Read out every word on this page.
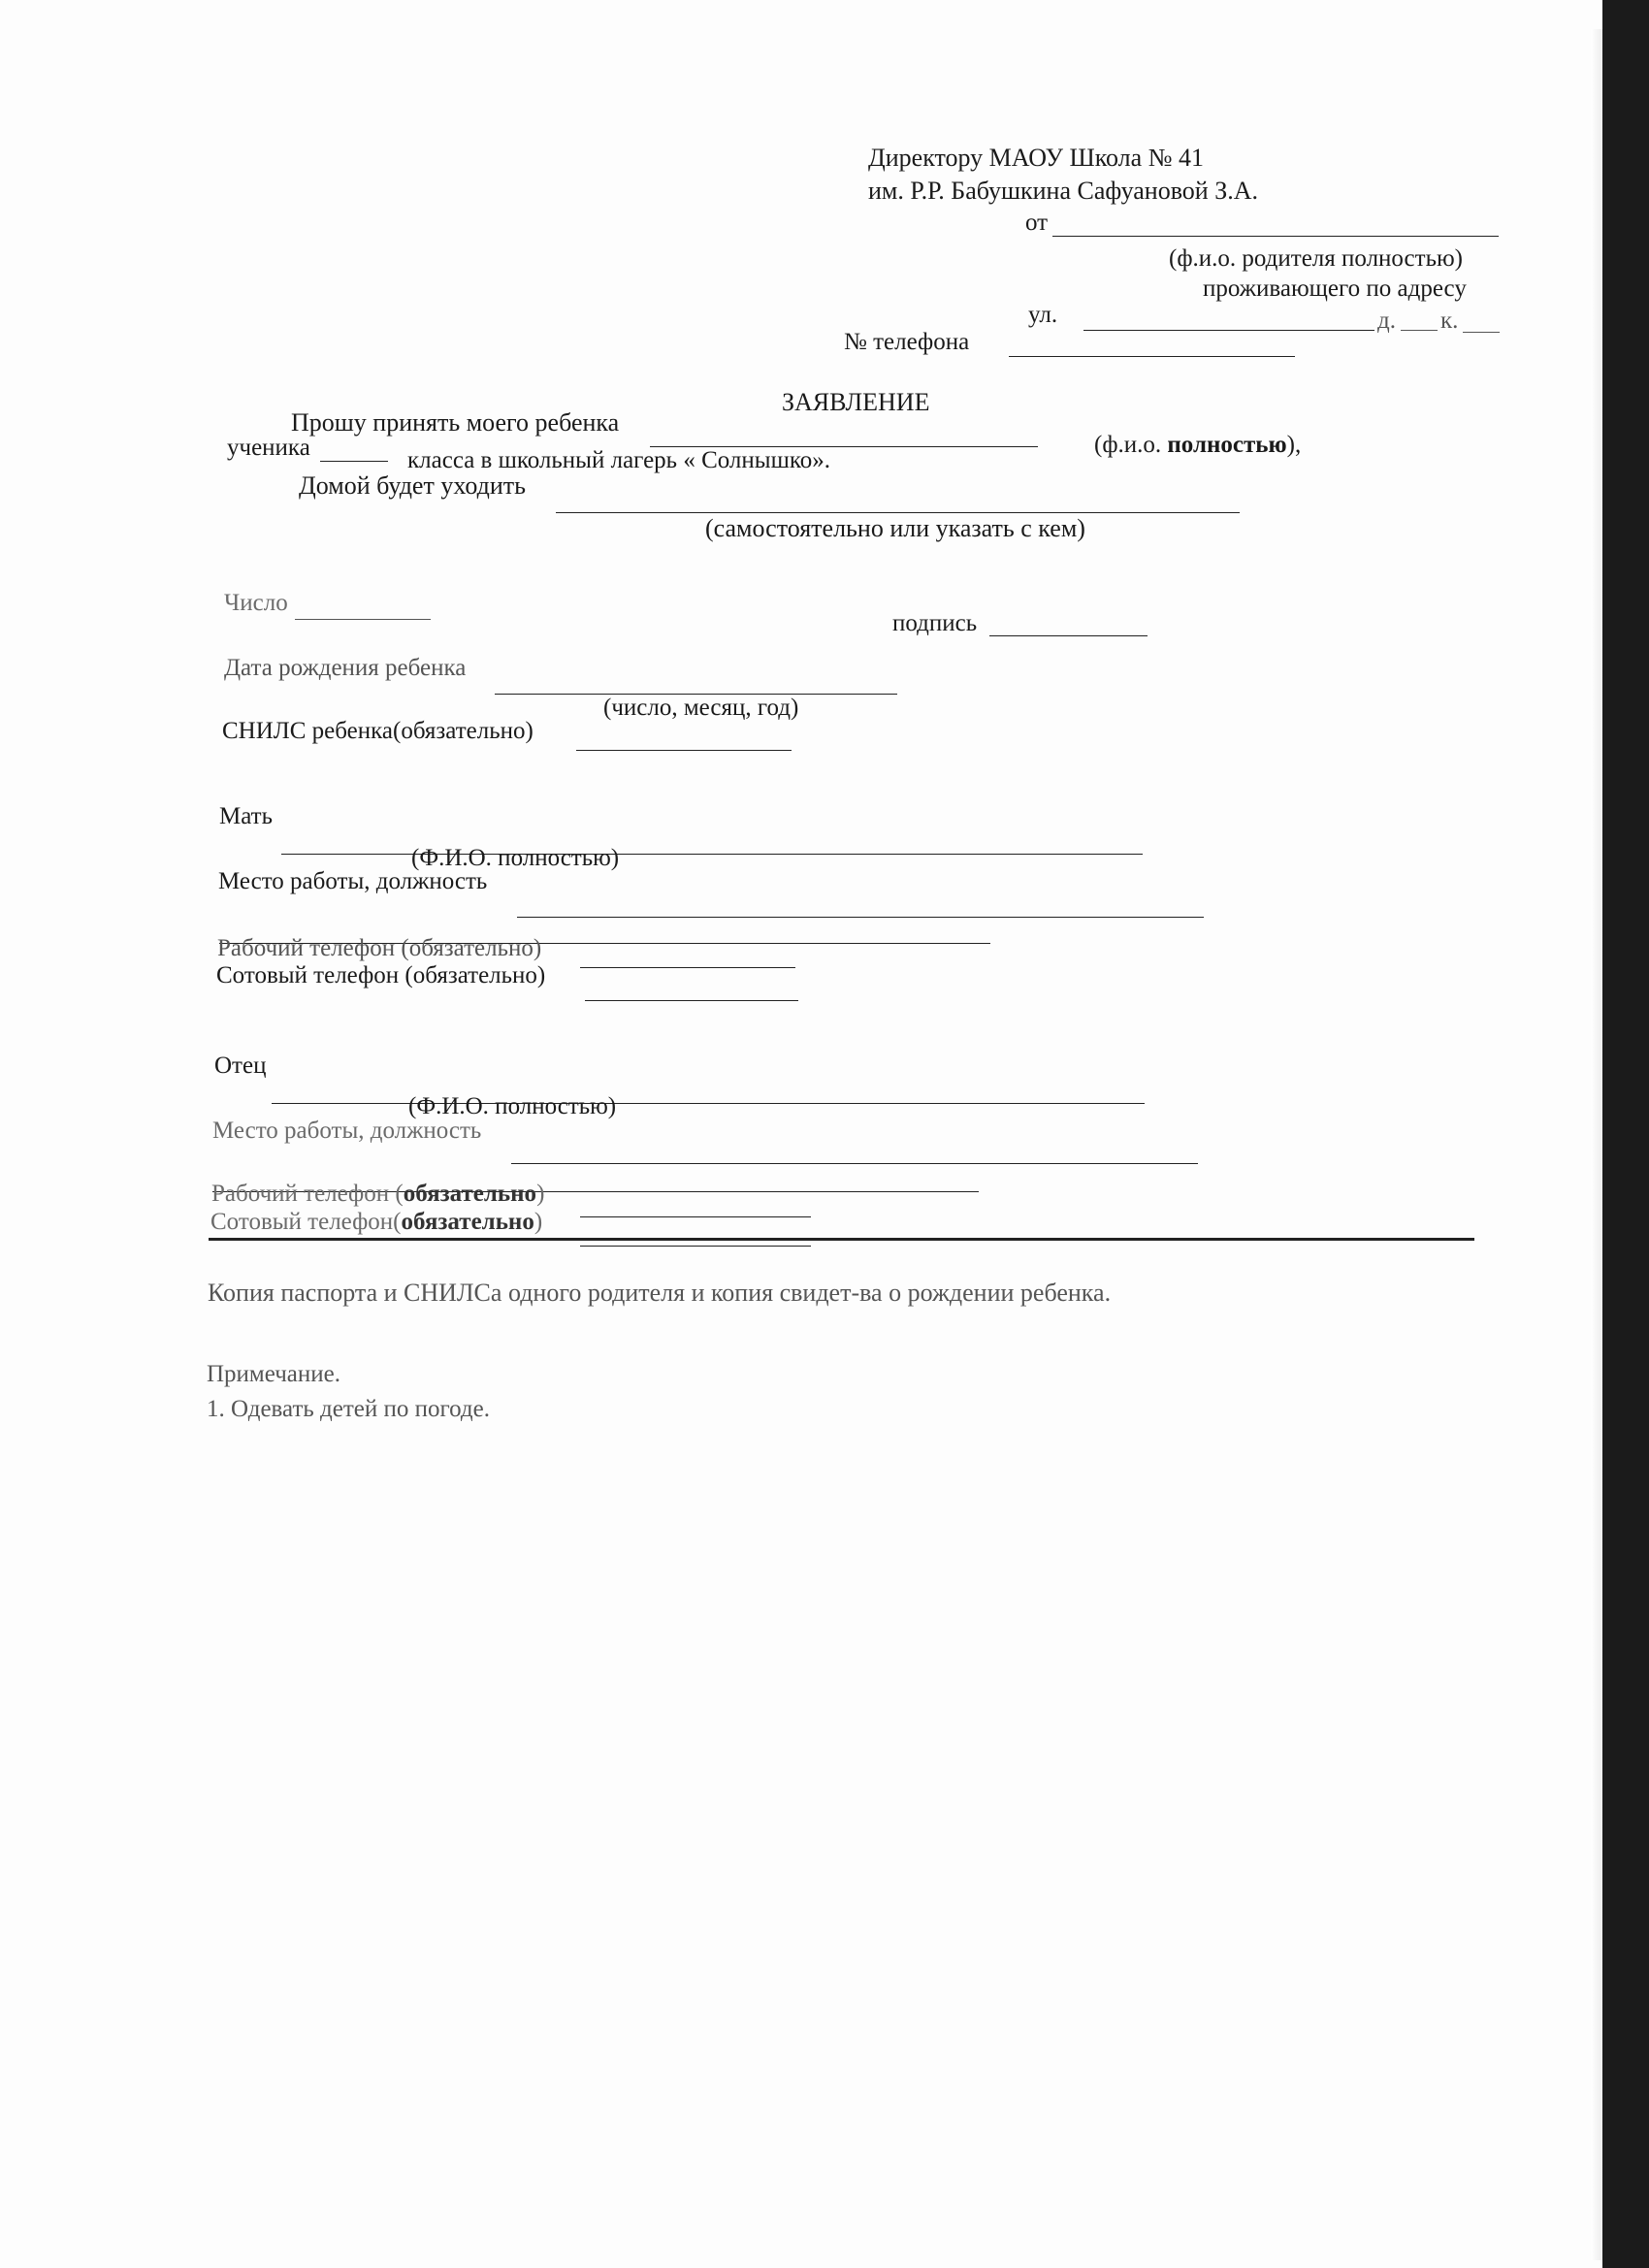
Директору МАОУ Школа № 41
им. Р.Р. Бабушкина Сафуановой З.А.
от
(ф.и.о. родителя полностью)
проживающего по адресу
ул.	д. к.
№ телефона
ЗАЯВЛЕНИЕ
Прошу принять моего ребенка
(ф.и.о. полностью),
ученика	класса в школьный лагерь « Солнышко».
Домой будет уходить
(самостоятельно или указать с кем)
Число
подпись
Дата рождения ребенка
(число, месяц, год)
СНИЛС ребенка(обязательно)
Мать
(Ф.И.О. полностью)
Место работы, должность
Рабочий телефон (обязательно)
Сотовый телефон (обязательно)
Отец
(Ф.И.О. полностью)
Место работы, должность
Рабочий телефон (обязательно)
Сотовый телефон(обязательно)
Копия паспорта и СНИЛСа одного родителя и копия свидет-ва о рождении ребенка.
Примечание.
1. Одевать детей по погоде.
